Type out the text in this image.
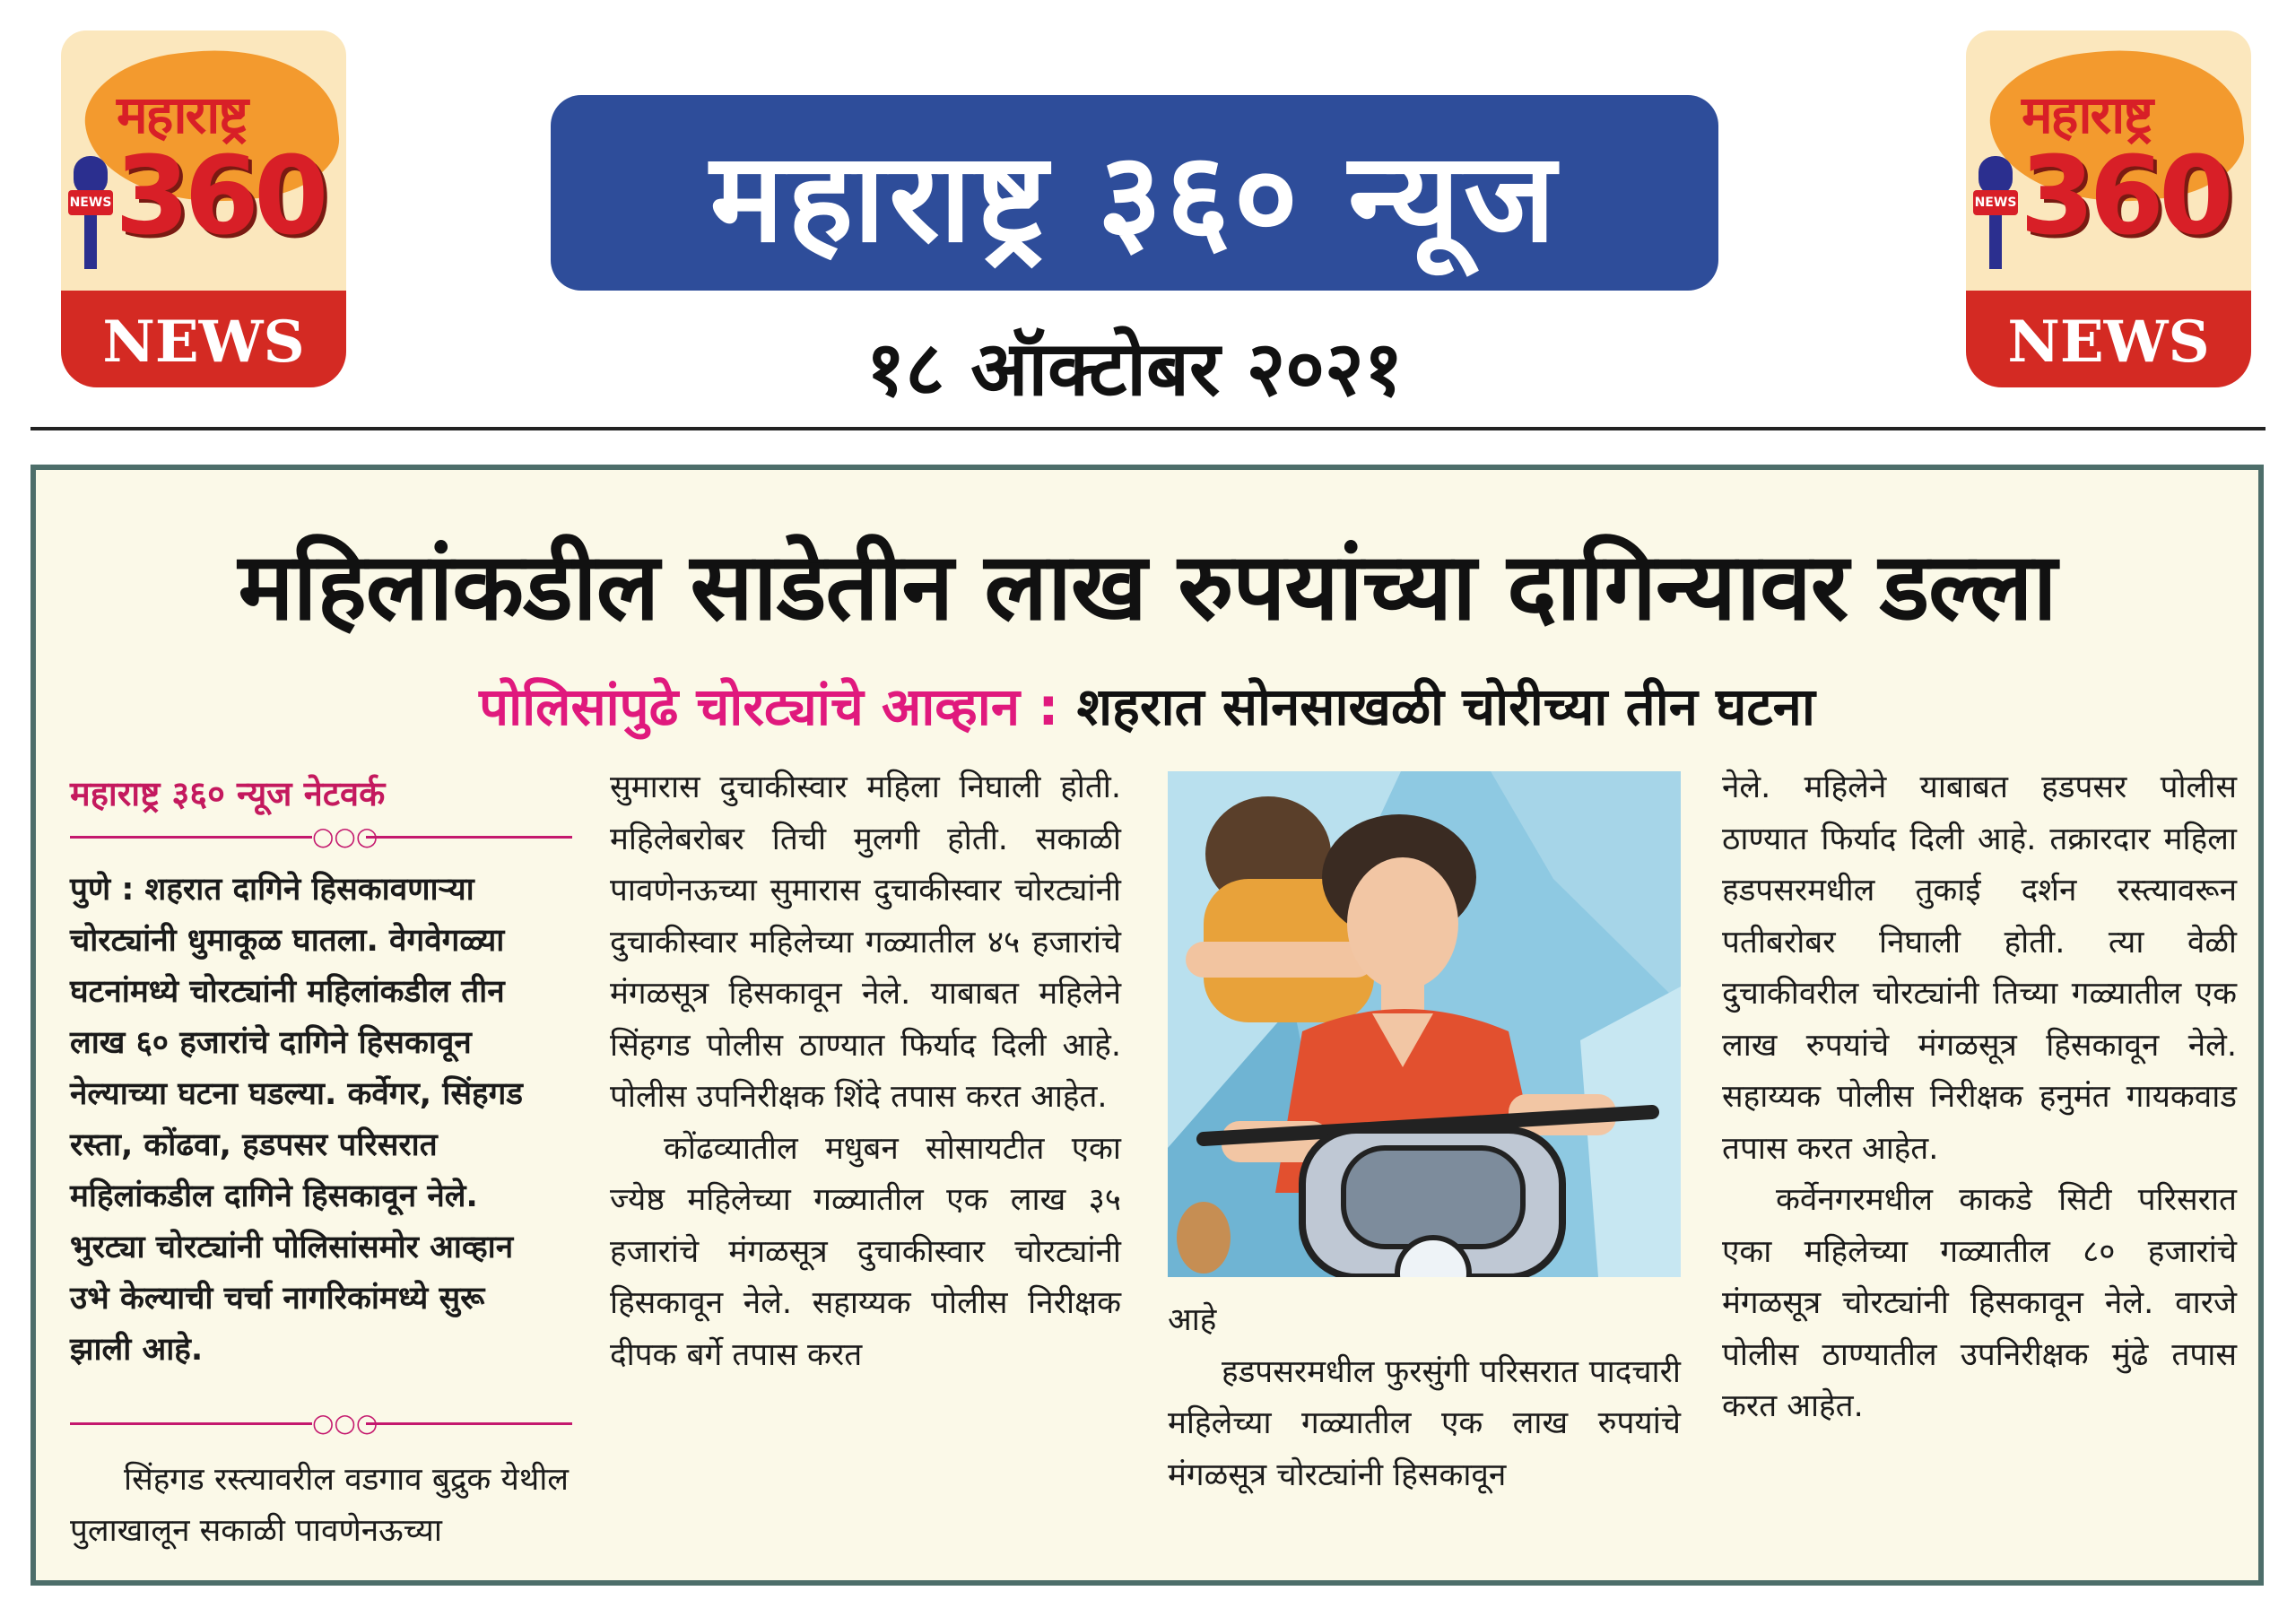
महाराष्ट्र
NEWS 360
NEWS
महाराष्ट्र
NEWS 360
NEWS
महाराष्ट्र ३६० न्यूज
१८ ऑक्टोबर २०२१
महिलांकडील साडेतीन लाख रुपयांच्या दागिन्यावर डल्ला
पोलिसांपुढे चोरट्यांचे आव्हान : शहरात सोनसाखळी चोरीच्या तीन घटना
महाराष्ट्र ३६० न्यूज नेटवर्क
○○○

पुणे : शहरात दागिने हिसकावणाऱ्या चोरट्यांनी धुमाकूळ घातला. वेगवेगळ्या घटनांमध्ये चोरट्यांनी महिलांकडील तीन लाख ६० हजारांचे दागिने हिसकावून नेल्याच्या घटना घडल्या. कर्वेगर, सिंहगड रस्ता, कोंढवा, हडपसर परिसरात महिलांकडील दागिने हिसकावून नेले. भुरट्या चोरट्यांनी पोलिसांसमोर आव्हान उभे केल्याची चर्चा नागरिकांमध्ये सुरू झाली आहे.

○○○

सिंहगड रस्त्यावरील वडगाव बुद्रुक येथील पुलाखालून सकाळी पावणेनऊच्या

सुमारास दुचाकीस्वार महिला निघाली होती. महिलेबरोबर तिची मुलगी होती. सकाळी पावणेनऊच्या सुमारास दुचाकीस्वार चोरट्यांनी दुचाकीस्वार महिलेच्या गळ्यातील ४५ हजारांचे मंगळसूत्र हिसकावून नेले. याबाबत महिलेने सिंहगड पोलीस ठाण्यात फिर्याद दिली आहे. पोलीस उपनिरीक्षक शिंदे तपास करत आहेत.

कोंढव्यातील मधुबन सोसायटीत एका ज्येष्ठ महिलेच्या गळ्यातील एक लाख ३५ हजारांचे मंगळसूत्र दुचाकीस्वार चोरट्यांनी हिसकावून नेले. सहाय्यक पोलीस निरीक्षक दीपक बर्गे तपास करत

आहे

हडपसरमधील फुरसुंगी परिसरात पादचारी महिलेच्या गळ्यातील एक लाख रुपयांचे मंगळसूत्र चोरट्यांनी हिसकावून

नेले. महिलेने याबाबत हडपसर पोलीस ठाण्यात फिर्याद दिली आहे. तक्रारदार महिला हडपसरमधील तुकाई दर्शन रस्त्यावरून पतीबरोबर निघाली होती. त्या वेळी दुचाकीवरील चोरट्यांनी तिच्या गळ्यातील एक लाख रुपयांचे मंगळसूत्र हिसकावून नेले. सहाय्यक पोलीस निरीक्षक हनुमंत गायकवाड तपास करत आहेत.

कर्वेनगरमधील काकडे सिटी परिसरात एका महिलेच्या गळ्यातील ८० हजारांचे मंगळसूत्र चोरट्यांनी हिसकावून नेले. वारजे पोलीस ठाण्यातील उपनिरीक्षक मुंढे तपास करत आहेत.
